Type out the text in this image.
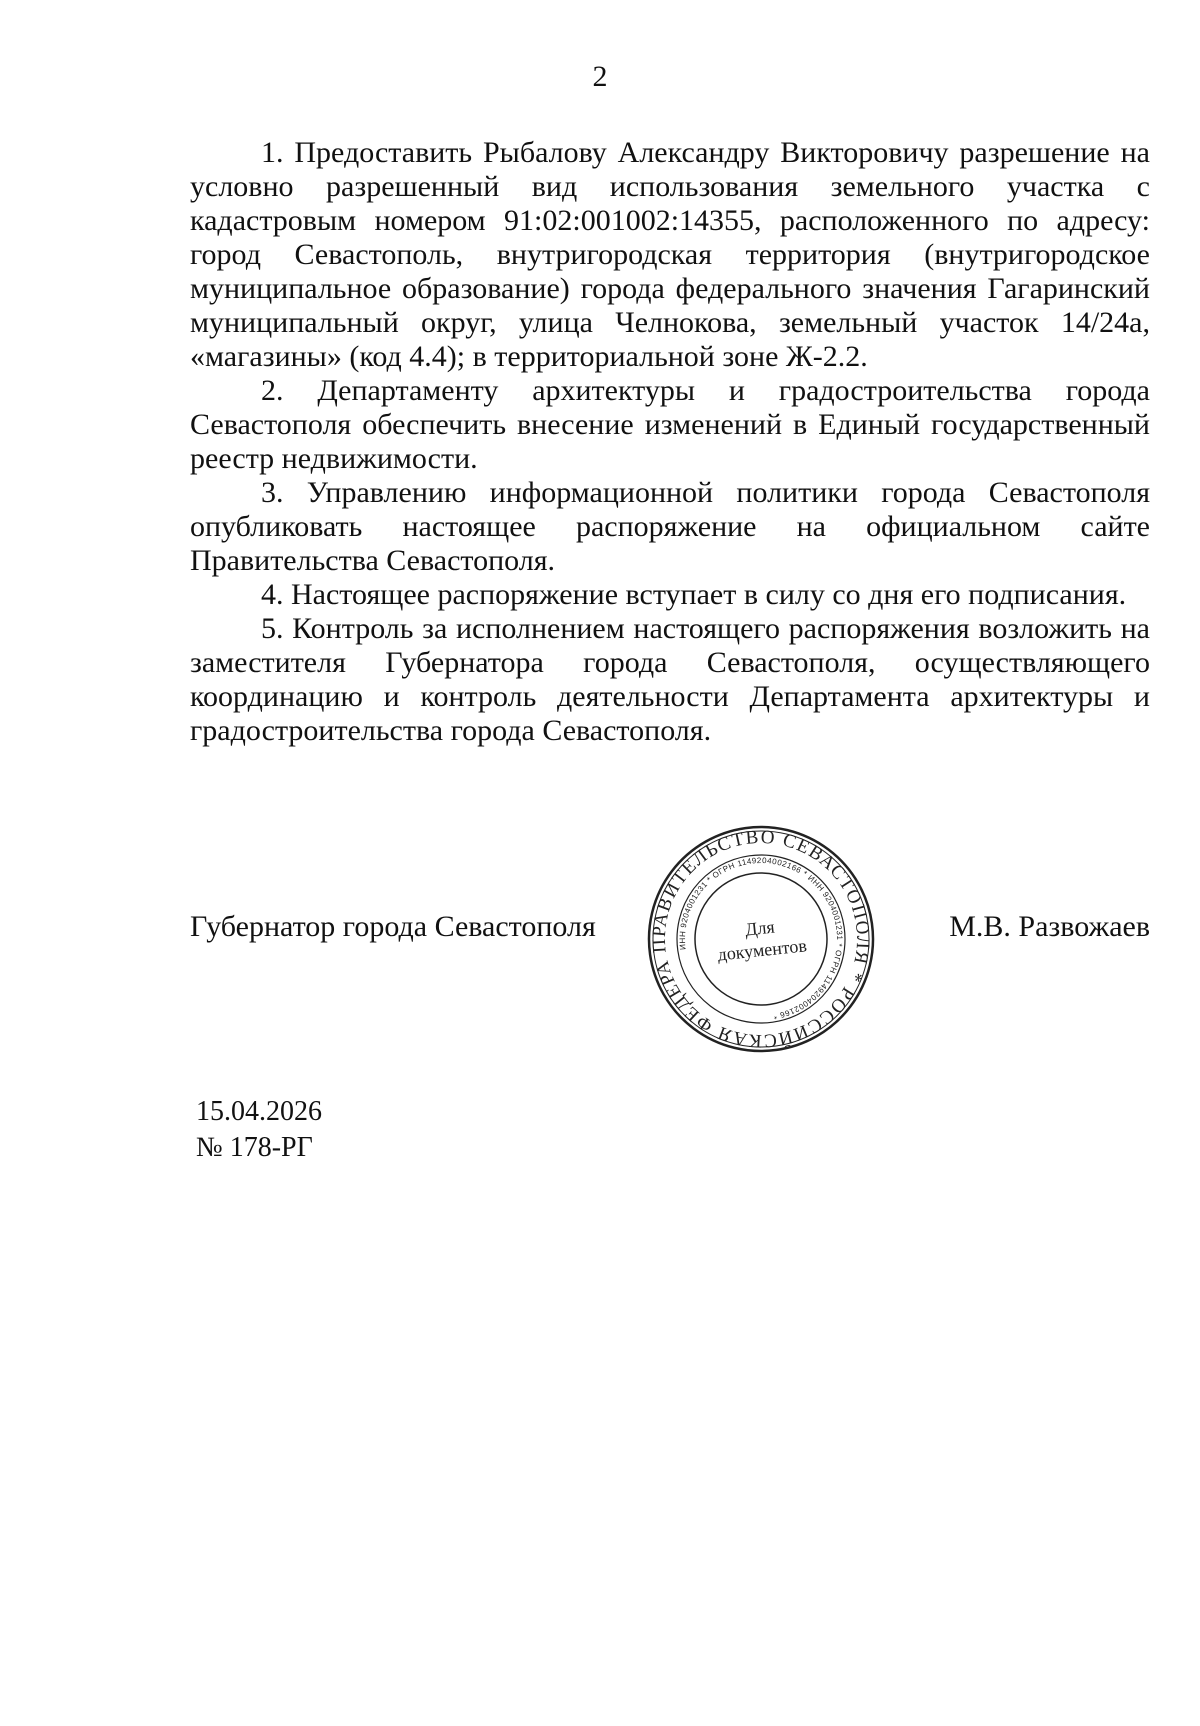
2

1. Предоставить Рыбалову Александру Викторовичу разрешение на условно разрешенный вид использования земельного участка с кадастровым номером 91:02:001002:14355, расположенного по адресу: город Севастополь, внутригородская территория (внутригородское муниципальное образование) города федерального значения Гагаринский муниципальный округ, улица Челнокова, земельный участок 14/24а, «магазины» (код 4.4); в территориальной зоне Ж-2.2.

2. Департаменту архитектуры и градостроительства города Севастополя обеспечить внесение изменений в Единый государственный реестр недвижимости.

3. Управлению информационной политики города Севастополя опубликовать настоящее распоряжение на официальном сайте Правительства Севастополя.

4. Настоящее распоряжение вступает в силу со дня его подписания.

5. Контроль за исполнением настоящего распоряжения возложить на заместителя Губернатора города Севастополя, осуществляющего координацию и контроль деятельности Департамента архитектуры и градостроительства города Севастополя.

Губернатор города Севастополя	М.В. Развожаев
ПРАВИТЕЛЬСТВО СЕВАСТОПОЛЯ * РОССИЙСКАЯ ФЕДЕРАЦИЯ
ИНН 9204001231 * ОГРН 1149204002166 * ИНН 9204001231 * ОГРН 1149204002166 *
Для
документов
15.04.2026
№ 178-РГ
